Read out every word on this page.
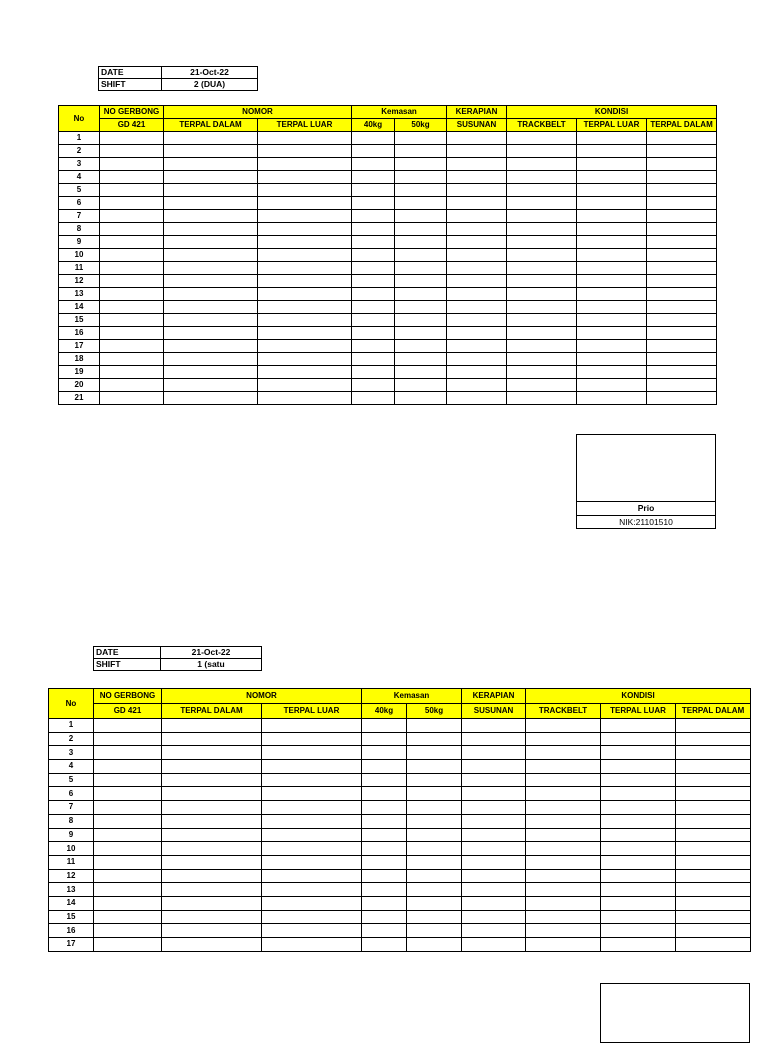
DATE	21-Oct-22
SHIFT	2 (DUA)
No	NO GERBONG	NOMOR		Kemasan		KERAPIAN	KONDISI		
	GD 421	TERPAL DALAM	TERPAL LUAR	40kg	50kg	SUSUNAN	TRACKBELT	TERPAL LUAR	TERPAL DALAM
1									
2									
3									
4									
5									
6									
7									
8									
9									
10									
11									
12									
13									
14									
15									
16									
17									
18									
19									
20									
21									
Prio
NIK:21101510
DATE	21-Oct-22
SHIFT	1 (satu
No	NO GERBONG	NOMOR		Kemasan		KERAPIAN	KONDISI		
	GD 421	TERPAL DALAM	TERPAL LUAR	40kg	50kg	SUSUNAN	TRACKBELT	TERPAL LUAR	TERPAL DALAM
1									
2									
3									
4									
5									
6									
7									
8									
9									
10									
11									
12									
13									
14									
15									
16									
17									
